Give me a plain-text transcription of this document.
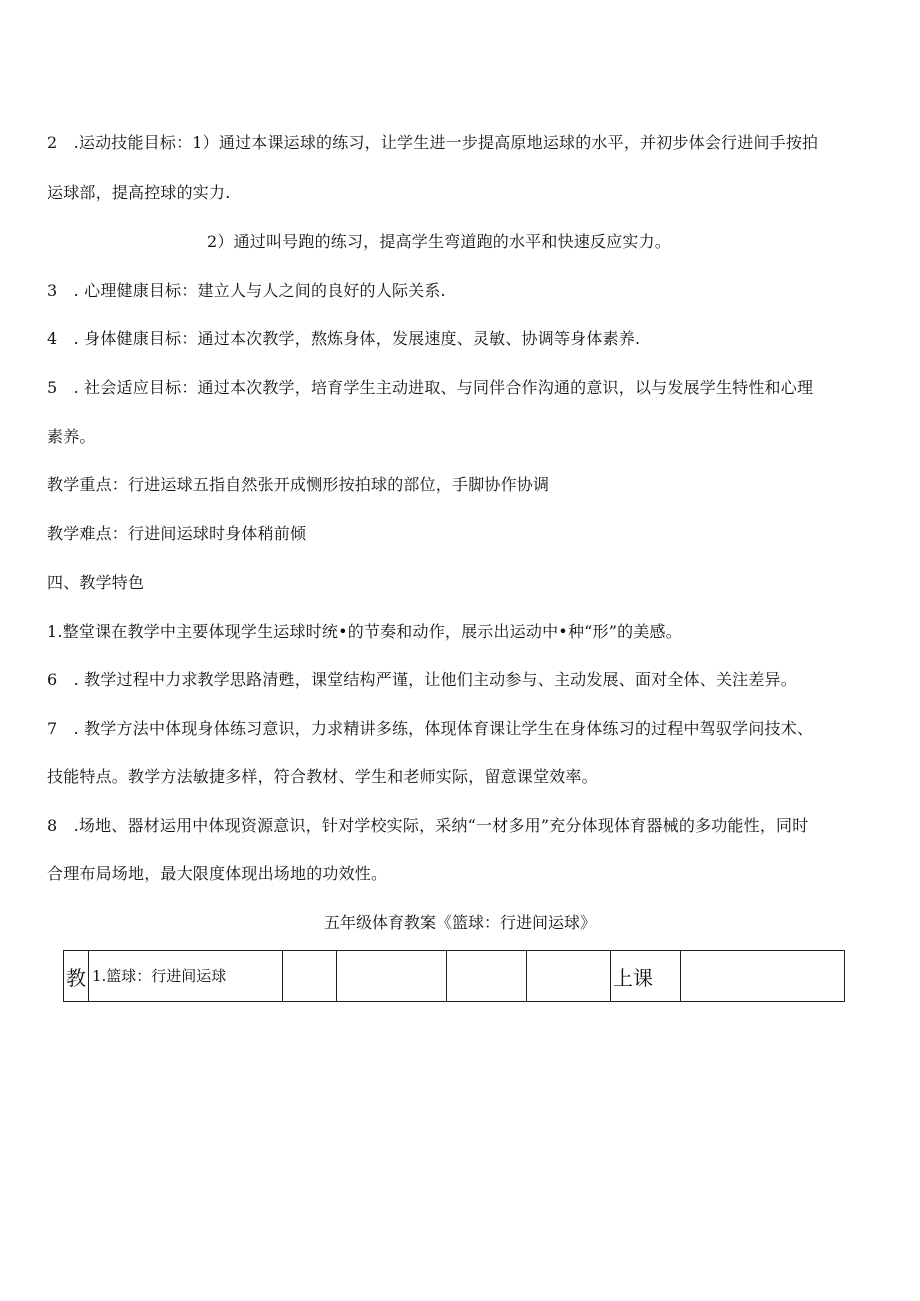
2　.运动技能目标：1）通过本课运球的练习，让学生进一步提高原地运球的水平，并初步体会行进间手按拍
运球部，提高控球的实力.
2）通过叫号跑的练习，提高学生弯道跑的水平和快速反应实力。
3　. 心理健康目标：建立人与人之间的良好的人际关系.
4　. 身体健康目标：通过本次教学，熬炼身体，发展速度、灵敏、协调等身体素养.
5　. 社会适应目标：通过本次教学，培育学生主动进取、与同伴合作沟通的意识，以与发展学生特性和心理
素养。
教学重点：行进运球五指自然张开成恻形按拍球的部位，手脚协作协调
教学难点：行进间运球时身体稍前倾
四、教学特色
1.整堂课在教学中主要体现学生运球时统•的节奏和动作，展示出运动中•种“形”的美感。
6　. 教学过程中力求教学思路清甦，课堂结构严谨，让他们主动参与、主动发展、面对全体、关注差异。
7　. 教学方法中体现身体练习意识，力求精讲多练，体现体育课让学生在身体练习的过程中驾驭学问技术、
技能特点。教学方法敏捷多样，符合教材、学生和老师实际，留意课堂效率。
8　.场地、器材运用中体现资源意识，针对学校实际，采纳“一材多用”充分体现体育器械的多功能性，同时
合理布局场地，最大限度体现出场地的功效性。
五年级体育教案《篮球：行进间运球》
教	1.篮球：行进间运球					上课	
